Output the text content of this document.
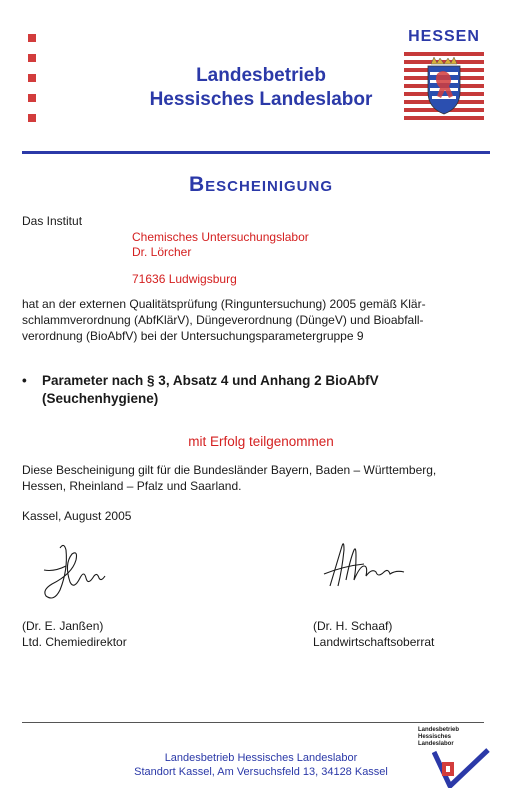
Landesbetrieb
Hessisches Landeslabor
HESSEN
Bescheinigung
Das Institut
Chemisches Untersuchungslabor
Dr. Lörcher
71636 Ludwigsburg
hat an der externen Qualitätsprüfung (Ringuntersuchung) 2005 gemäß Klär-
schlammverordnung (AbfKlärV), Düngeverordnung (DüngeV) und Bioabfall-
verordnung (BioAbfV) bei der Untersuchungsparametergruppe 9
• Parameter nach § 3, Absatz 4 und Anhang 2 BioAbfV
(Seuchenhygiene)
mit Erfolg teilgenommen
Diese Bescheinigung gilt für die Bundesländer Bayern, Baden – Württemberg,
Hessen, Rheinland – Pfalz und Saarland.
Kassel, August 2005
(Dr. E. Janßen)
Ltd. Chemiedirektor
(Dr. H. Schaaf)
Landwirtschaftsoberrat
Landesbetrieb Hessisches Landeslabor
Standort Kassel, Am Versuchsfeld 13, 34128 Kassel
Landesbetrieb
Hessisches
Landeslabor
